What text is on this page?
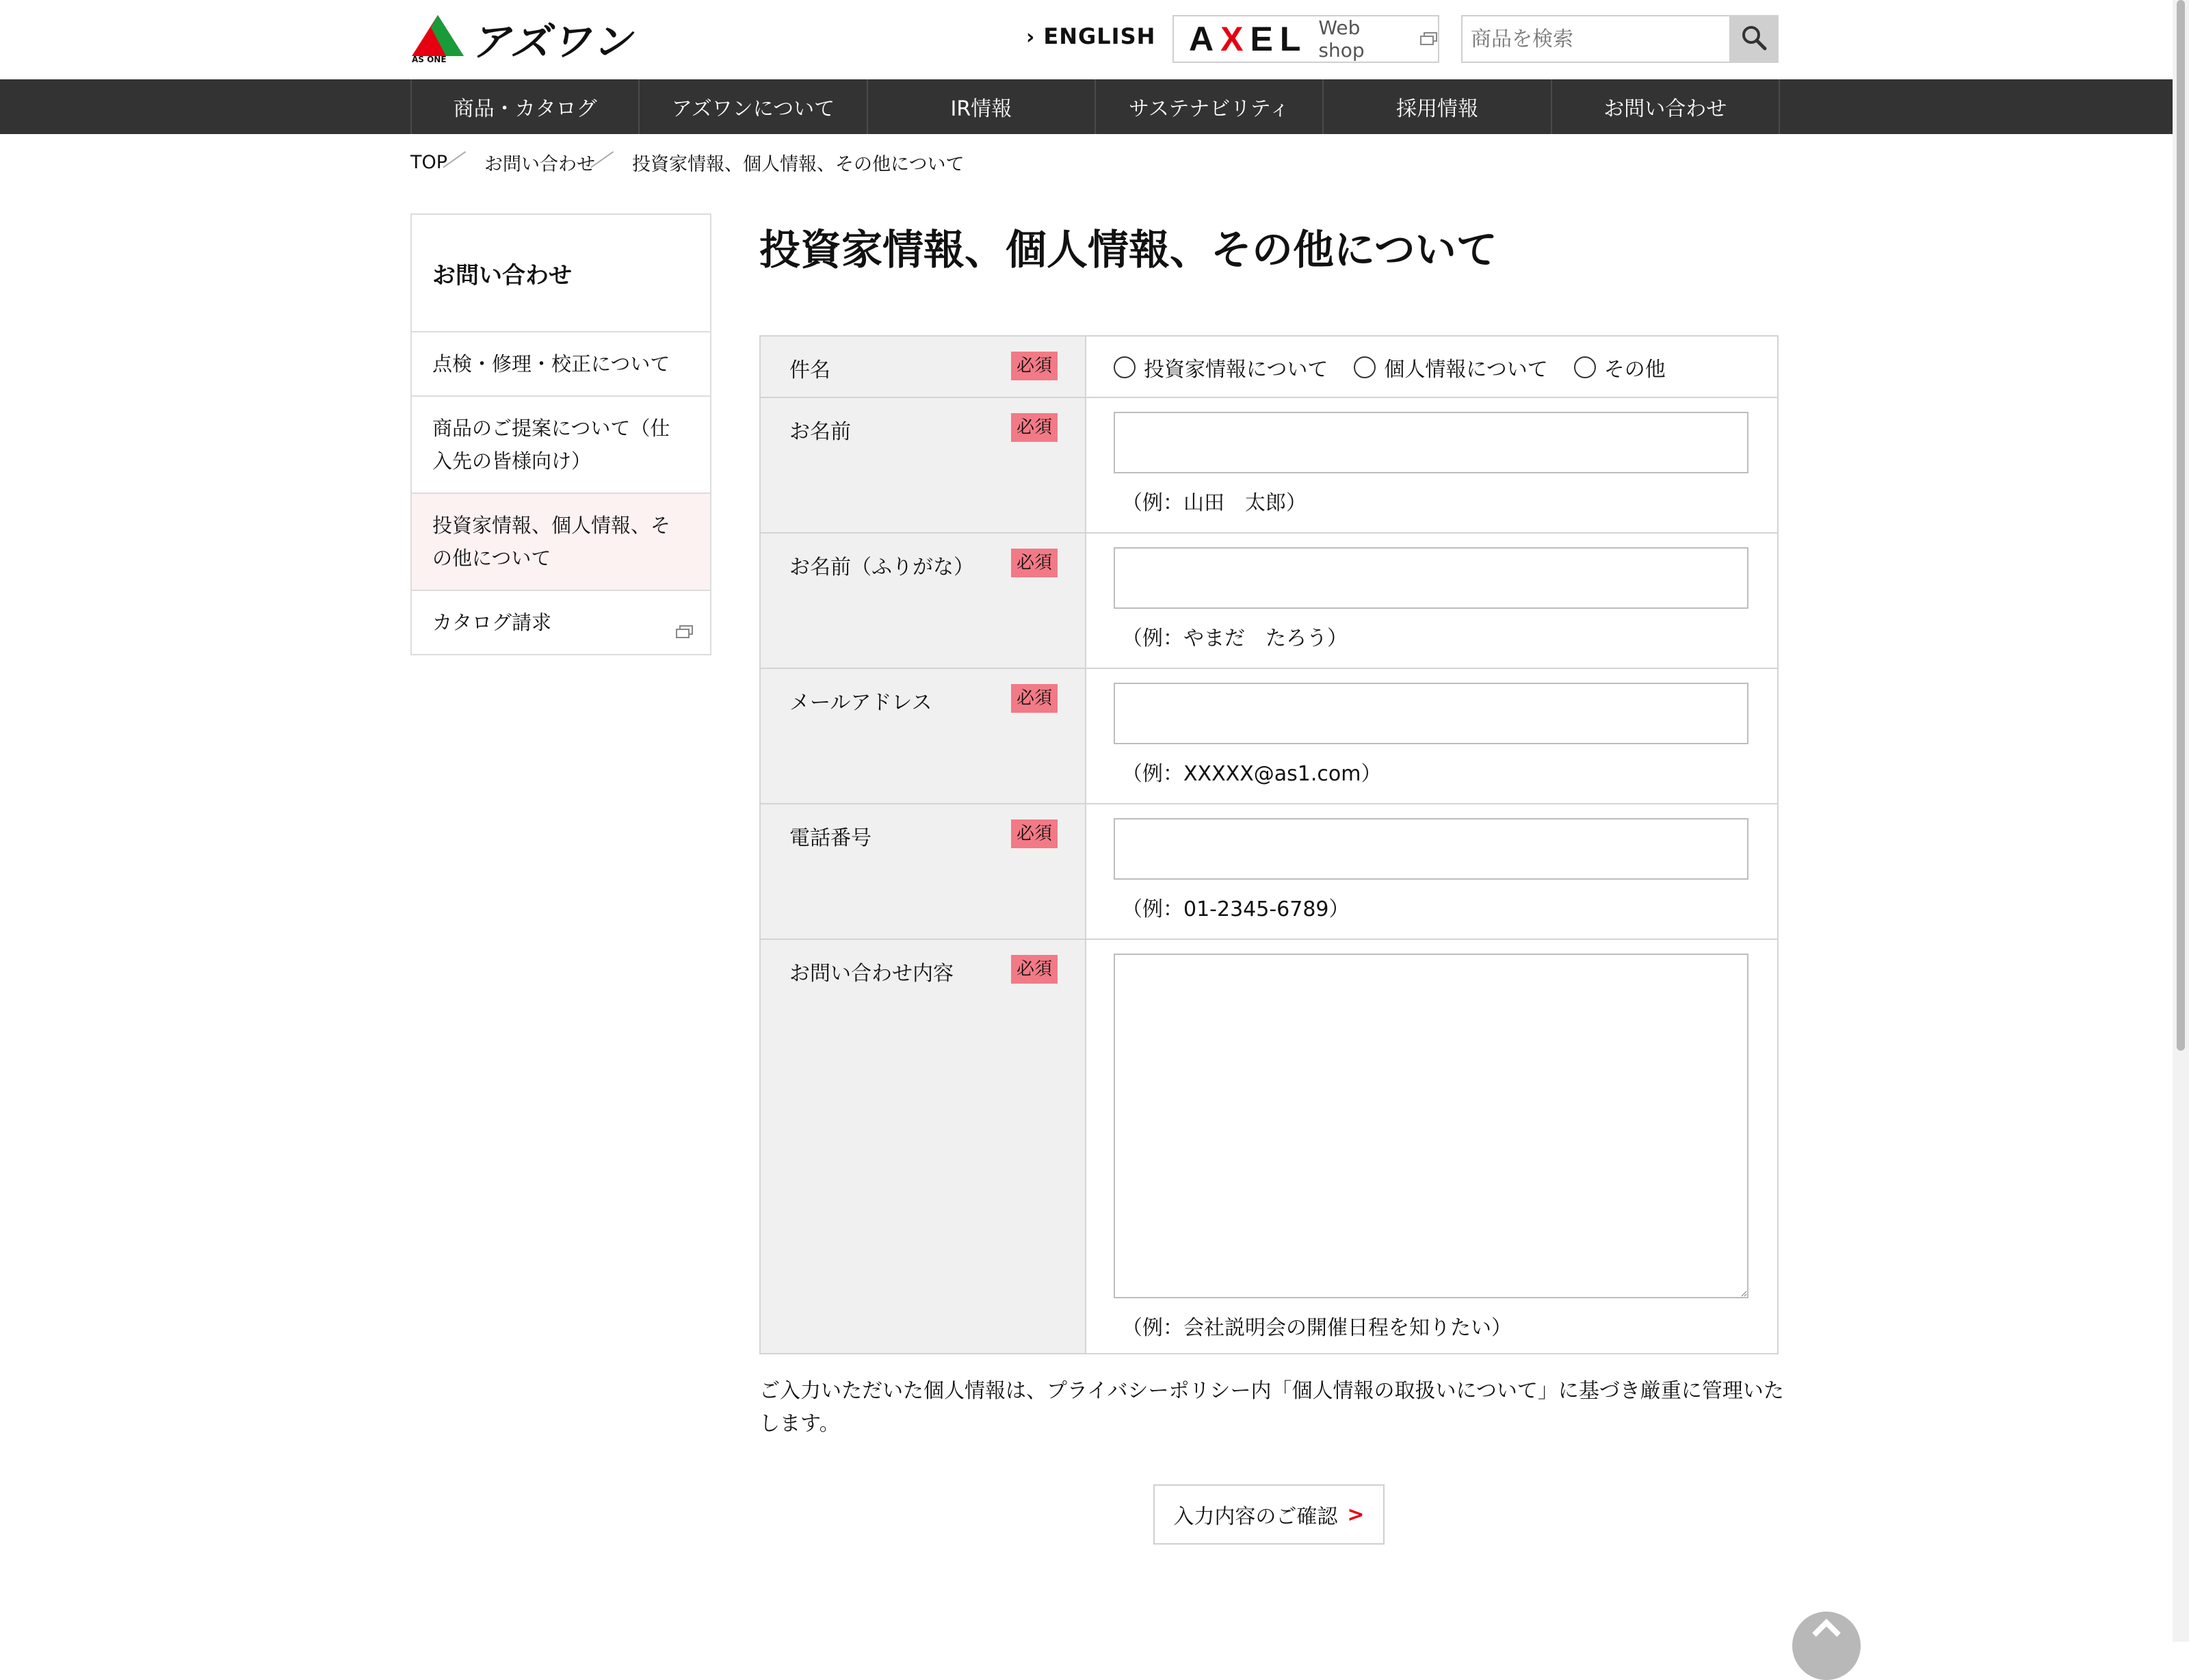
AS ONE アズワン	› ENGLISH AXEL Web shop
商品を検索
商品・カタログ	アズワンについて	IR情報	サステナビリティ	採用情報	お問い合わせ
TOP お問い合わせ 投資家情報、個人情報、その他について
お問い合わせ
点検・修理・校正について
商品のご提案について（仕入先の皆様向け）
投資家情報、個人情報、その他について
カタログ請求
投資家情報、個人情報、その他について
件名	必須	投資家情報について	個人情報について	その他
お名前	必須
（例：山田　太郎）
お名前（ふりがな）	必須
（例：やまだ　たろう）
メールアドレス	必須
（例：XXXXX@as1.com）
電話番号	必須
（例：01-2345-6789）
お問い合わせ内容	必須
（例：会社説明会の開催日程を知りたい）
ご入力いただいた個人情報は、プライバシーポリシー内「個人情報の取扱いについて」に基づき厳重に管理いたします。
入力内容のご確認 >
